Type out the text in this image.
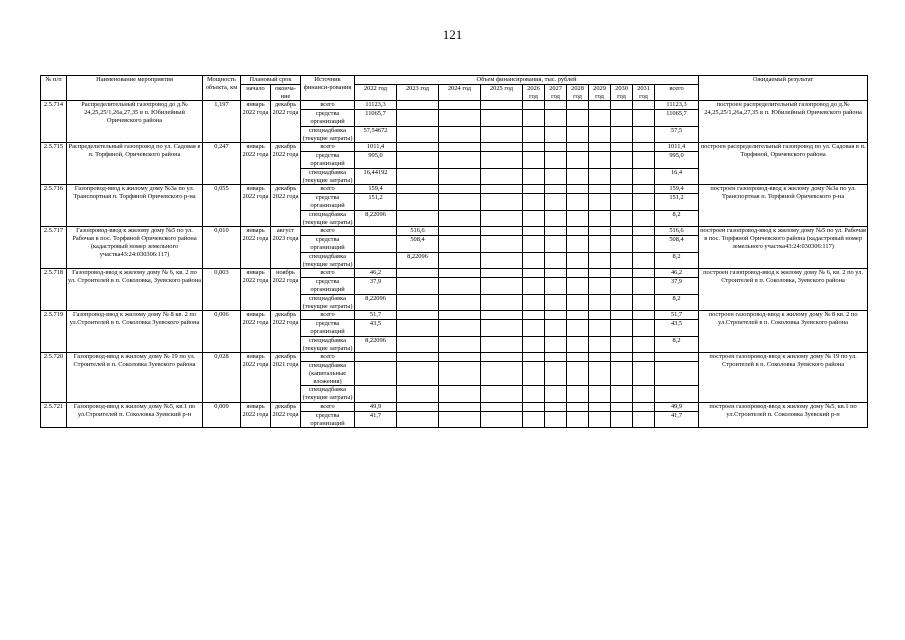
121
№ п/п	Наименование мероприятия	Мощность объекта, км	Плановый срок		Источник финанси-рования	Объем финансирования, тыс. рублей											Ожидаемый результат
			начало	оконча-ние		2022 год	2023 год	2024 год	2025 год	2026 год	2027 год	2028 год	2029 год	2030 год	2031 год	всего	
2.5.714	Распределительный газопровод до д.№ 24,25,25/1,26а,27,35 в п. Юбилейный Оричевского района	1,197	январь 2022 года	декабрь 2022 года	всего	11123,3										11123,3	построен распределительный газопровод до д.№ 24,25,25/1,26а,27,35 в п. Юбилейный Оричевского района
					средства организаций	11065,7										11065,7	
					спецнадбавка (текущие затраты)	57,54672										57,5	
2.5.715	Распределительный газопровод по ул. Садовая в п. Торфяной, Оричевского района	0,247	январь 2022 года	декабрь 2022 года	всего	1011,4										1011,4	построен распределительный газопровод по ул. Садовая в п. Торфяной, Оричевского района
					средства организаций	995,0										995,0	
					спецнадбавка (текущие затраты)	16,44192										16,4	
2.5.716	Газопровод-ввод к жилому дому №3а по ул. Транспортная п. Торфяной Оричевского р-на	0,055	январь 2022 года	декабрь 2022 года	всего	159,4										159,4	построен газопровод-ввод к жилому дому №3а по ул. Транспортная п. Торфяной Оричевского р-на
					средства организаций	151,2										151,2	
					спецнадбавка (текущие затраты)	8,22096										8,2	
2.5.717	Газопровод-ввод к жилому дому №5 по ул. Рабочая в пос. Торфяной Оричевского района (кадастровый номер земельного участка43:24:030306:117)	0,010	январь 2022 года	август 2023 года	всего		516,6									516,6	построен газопровод-ввод к жилому дому №5 по ул. Рабочая в пос. Торфяной Оричевского района (кадастровый номер земельного участка43:24:030306:117)
					средства организаций		508,4									508,4	
					спецнадбавка (текущие затраты)		8,22096									8,2	
2.5.718	Газопровод-ввод к жилому дому № 6, кв. 2 по ул. Строителей в п. Соколовка, Зуевского района	0,003	январь 2022 года	ноябрь 2022 года	всего	46,2										46,2	построен газопровод-ввод к жилому дому № 6, кв. 2 по ул. Строителей в п. Соколовка, Зуевского района
					средства организаций	37,9										37,9	
					спецнадбавка (текущие затраты)	8,22096										8,2	
2.5.719	Газопровод-ввод к жилому дому № 8 кв. 2 по ул.Строителей в п. Соколовка Зуевского района	0,006	январь 2022 года	декабрь 2022 года	всего	51,7										51,7	построен газопровод-ввод к жилому дому № 8 кв. 2 по ул.Строителей в п. Соколовка Зуевского района
					средства организаций	43,5										43,5	
					спецнадбавка (текущие затраты)	8,22096										8,2	
2.5.720	Газопровод-ввод к жилому дому № 19 по ул. Строителей в п. Соколовка Зуевского района	0,028	январь 2022 года	декабрь 2021 года	всего												построен газопровод-ввод к жилому дому № 19 по ул. Строителей в п. Соколовка Зуевского района
					спецнадбавка (капитальные вложения)												
					спецнадбавка (текущие затраты)												
2.5.721	Газопровод-ввод к жилому дому №5, кв.1 по ул.Строителей п. Соколовка Зуевский р-н	0,009	январь 2022 года	декабрь 2022 года	всего	49,9										49,9	построен газопровод-ввод к жилому дому №5, кв.1 по ул.Строителей п. Соколовка Зуевский р-н
					средства организаций	41,7										41,7	
